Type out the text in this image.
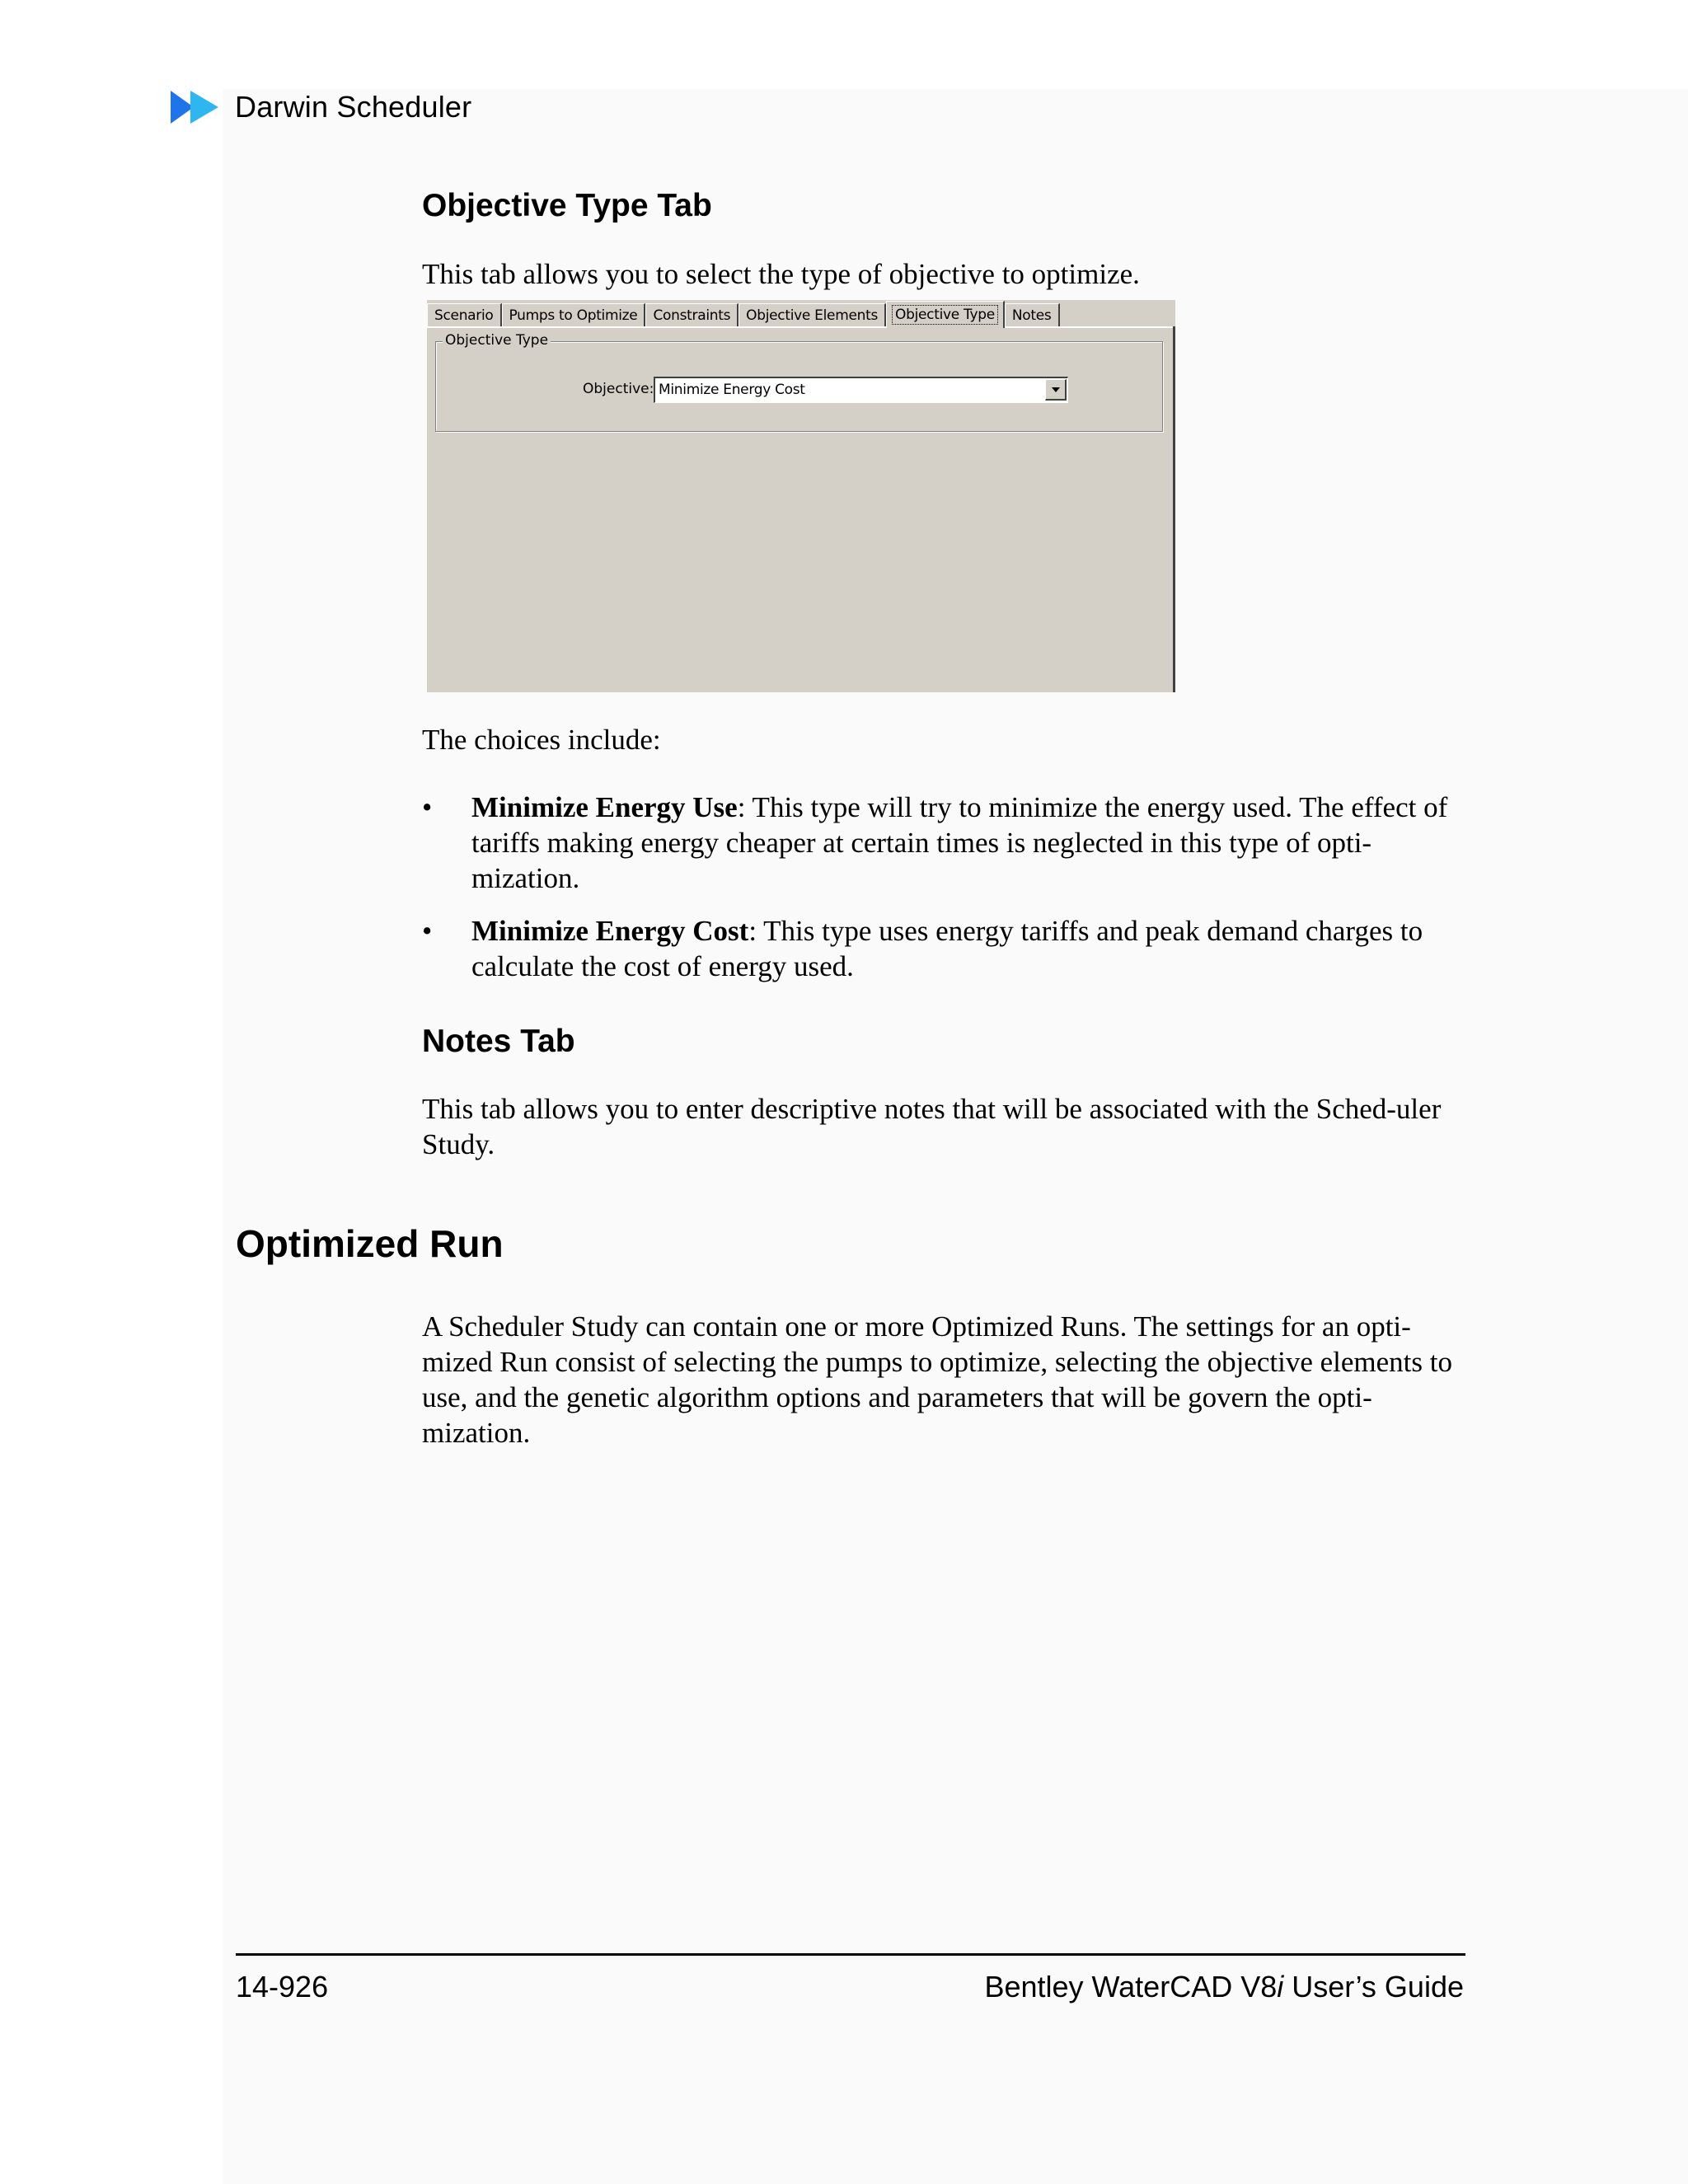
Darwin Scheduler
Objective Type Tab

This tab allows you to select the type of objective to optimize.

Scenario Pumps to Optimize Constraints Objective Elements Objective Type Notes
Objective Type
Objective: Minimize Energy Cost

The choices include:

• Minimize Energy Use: This type will try to minimize the energy used. The effect of tariffs making energy cheaper at certain times is neglected in this type of opti-mization.
• Minimize Energy Cost: This type uses energy tariffs and peak demand charges to calculate the cost of energy used.
Notes Tab

This tab allows you to enter descriptive notes that will be associated with the Sched-uler Study.

Optimized Run

A Scheduler Study can contain one or more Optimized Runs. The settings for an opti-mized Run consist of selecting the pumps to optimize, selecting the objective elements to use, and the genetic algorithm options and parameters that will be govern the opti-mization.

14-926	Bentley WaterCAD V8i User’s Guide
